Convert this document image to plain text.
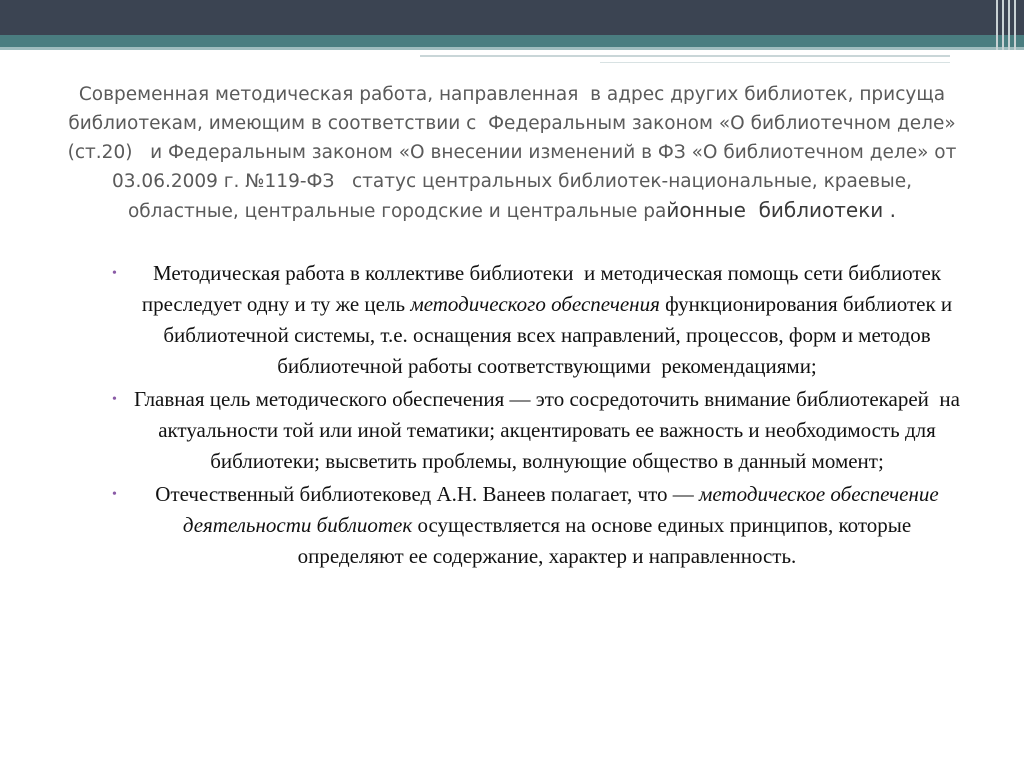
Современная методическая работа, направленная  в адрес других библиотек, присуща библиотекам, имеющим в соответствии с  Федеральным законом «О библиотечном деле» (ст.20)   и Федеральным законом «О внесении изменений в ФЗ «О библиотечном деле» от 03.06.2009 г. №119-ФЗ   статус центральных библиотек-национальные, краевые, областные, центральные городские и центральные районные  библиотеки .
• Методическая работа в коллективе библиотеки  и методическая помощь сети библиотек  преследует одну и ту же цель методического обеспечения функционирования библиотек и библиотечной системы, т.е. оснащения всех направлений, процессов, форм и методов библиотечной работы соответствующими  рекомендациями;
• Главная цель методического обеспечения — это сосредоточить внимание библиотекарей  на актуальности той или иной тематики; акцентировать ее важность и необходимость для библиотеки; высветить проблемы, волнующие общество в данный момент;
• Отечественный библиотековед А.Н. Ванеев полагает, что — методическое обеспечение  деятельности библиотек осуществляется на основе единых принципов, которые определяют ее содержание, характер и направленность.
